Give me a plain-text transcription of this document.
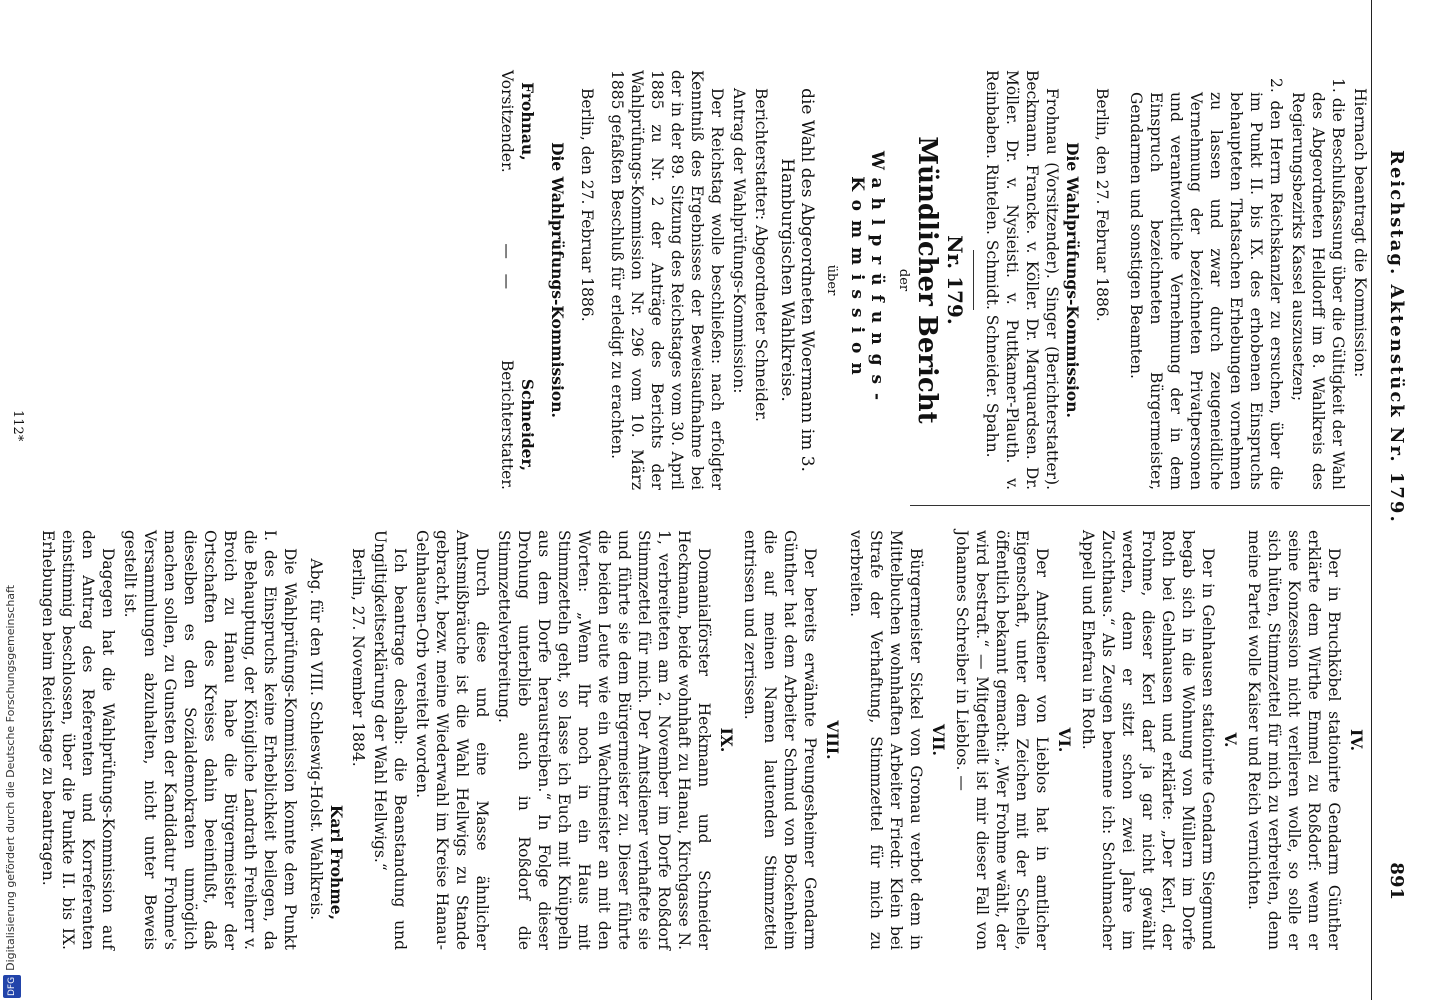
Reichstag. Aktenstück Nr. 179.
891

Hiernach beantragt die Kommission:

1. die Beschlußfassung über die Gültigkeit der Wahl des Abgeordneten Helldorff im 8. Wahlkreis des Regierungsbezirks Kassel auszusetzen;

2. den Herrn Reichskanzler zu ersuchen, über die im Punkt II. bis IX. des erhobenen Einspruchs behaupteten Thatsachen Erhebungen vornehmen zu lassen und zwar durch zeugeneidliche Vernehmung der bezeichneten Privatpersonen und verantwortliche Vernehmung der in dem Einspruch bezeichneten Bürgermeister, Gendarmen und sonstigen Beamten.

Berlin, den 27. Februar 1886.

Die Wahlprüfungs-Kommission.

Frohnau (Vorsitzender). Singer (Berichterstatter). Beckmann. Francke. v. Köller. Dr. Marquardsen. Dr. Möller. Dr. v. Nysieisti. v. Puttkamer-Plauth. v. Reinbaben. Rintelen. Schmidt. Schneider. Spahn.

Nr. 179.
Mündlicher Bericht
der
Wahlprüfungs-Kommission
über
die Wahl des Abgeordneten Woermann im 3. Hamburgischen Wahlkreise.

Berichterstatter: Abgeordneter Schneider.

Antrag der Wahlprüfungs-Kommission:

Der Reichstag wolle beschließen: nach erfolgter Kenntniß des Ergebnisses der Beweisaufnahme bei der in der 89. Sitzung des Reichstages vom 30. April 1885 zu Nr. 2 der Anträge des Berichts der Wahlprüfungs-Kommission Nr. 296 vom 10. März 1885 gefaßten Beschluß für erledigt zu erachten.

Berlin, den 27. Februar 1886.

Die Wahlprüfungs-Kommission.
Frohnau,
Vorsitzender.
—   —
Schneider,
Berichterstatter.
IV.

Der in Bruchköbel stationirte Gendarm Günther erklärte dem Wirthe Emmel zu Roßdorf: wenn er seine Konzession nicht verlieren wolle, so solle er sich hüten, Stimmzettel für mich zu verbreiten, denn meine Partei wolle Kaiser und Reich vernichten.

V.

Der in Gelnhausen stationirte Gendarm Siegmund begab sich in die Wohnung von Müllern im Dorfe Roth bei Gelnhausen und erklärte: „Der Kerl, der Frohme, dieser Kerl darf ja gar nicht gewählt werden, denn er sitzt schon zwei Jahre im Zuchthaus.“ Als Zeugen benenne ich: Schuhmacher Appell und Ehefrau in Roth.

VI.

Der Amtsdiener von Lieblos hat in amtlicher Eigenschaft, unter dem Zeichen mit der Schelle, öffentlich bekannt gemacht: „Wer Frohme wählt, der wird bestraft.“ — Mitgetheilt ist mir dieser Fall von Johannes Schreiber in Lieblos. —

VII.

Bürgermeister Sickel von Gronau verbot dem in Mittelbuchen wohnhaften Arbeiter Friedr. Klein bei Strafe der Verhaftung, Stimmzettel für mich zu verbreiten.

VIII.

Der bereits erwähnte Preungesheimer Gendarm Günther hat dem Arbeiter Schmud von Bockenheim die auf meinen Namen lautenden Stimmzettel entrissen und zerrissen.

IX.

Domanialförster Heckmann und Schneider Heckmann, beide wohnhaft zu Hanau, Kirchgasse N. 1, verbreiteten am 2. November im Dorfe Roßdorf Stimmzettel für mich. Der Amtsdiener verhaftete sie und führte sie dem Bürgermeister zu. Dieser führte die beiden Leute wie ein Wachtmeister an mit den Worten: „Wenn Ihr noch in ein Haus mit Stimmzetteln geht, so lasse ich Euch mit Knüppeln aus dem Dorfe heraustreiben.“ In Folge dieser Drohung unterblieb auch in Roßdorf die Stimmzettelverbreitung.

Durch diese und eine Masse ähnlicher Amtsmißbräuche ist die Wahl Hellwigs zu Stande gebracht, bezw. meine Wiederwahl im Kreise Hanau-Gelnhausen-Orb vereitelt worden.

Ich beantrage deshalb: die Beanstandung und Ungiltigkeitserklärung der Wahl Hellwigs.“

Berlin, 27. November 1884.

Karl Frohme,
Abg. für den VIII. Schleswig-Holst. Wahlkreis.

Die Wahlprüfungs-Kommission konnte dem Punkt I. des Einspruchs keine Erheblichkeit beilegen, da die Behauptung, der Königliche Landrath Freiherr v. Broich zu Hanau habe die Bürgermeister der Ortschaften des Kreises dahin beeinflußt, daß dieselben es den Sozialdemokraten unmöglich machen sollen, zu Gunsten der Kandidatur Frohme's Versammlungen abzuhalten, nicht unter Beweis gestellt ist.

Dagegen hat die Wahlprüfungs-Kommission auf den Antrag des Referenten und Korreferenten einstimmig beschlossen, über die Punkte II. bis IX. Erhebungen beim Reichstage zu beantragen.

112*
DFGDigitalisierung gefördert durch die Deutsche Forschungsgemeinschaft
